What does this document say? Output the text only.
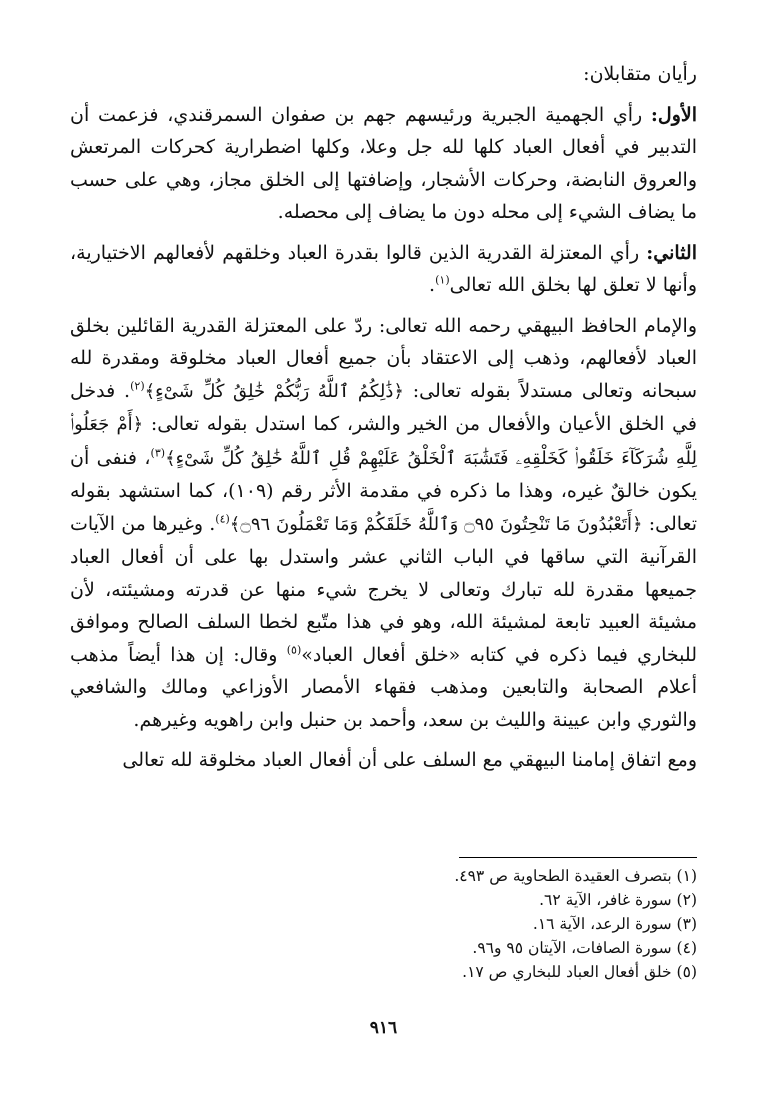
رأيان متقابلان:

الأول: رأي الجهمية الجبرية ورئيسهم جهم بن صفوان السمرقندي، فزعمت أن التدبير في أفعال العباد كلها لله جل وعلا، وكلها اضطرارية كحركات المرتعش والعروق النابضة، وحركات الأشجار، وإضافتها إلى الخلق مجاز، وهي على حسب ما يضاف الشيء إلى محله دون ما يضاف إلى محصله.

الثاني: رأي المعتزلة القدرية الذين قالوا بقدرة العباد وخلقهم لأفعالهم الاختيارية، وأنها لا تعلق لها بخلق الله تعالى$^{(١)}$.

والإمام الحافظ البيهقي رحمه الله تعالى: ردّ على المعتزلة القدرية القائلين بخلق العباد لأفعالهم، وذهب إلى الاعتقاد بأن جميع أفعال العباد مخلوقة ومقدرة لله سبحانه وتعالى مستدلاً بقوله تعالى: ﴿ذَٰلِكُمُ ٱللَّهُ رَبُّكُمْ خَٰلِقُ كُلِّ شَىْءٍ﴾$^{(٢)}$. فدخل في الخلق الأعيان والأفعال من الخير والشر، كما استدل بقوله تعالى: ﴿أَمْ جَعَلُوا۟ لِلَّهِ شُرَكَآءَ خَلَقُوا۟ كَخَلْقِهِۦ فَتَشَٰبَهَ ٱلْخَلْقُ عَلَيْهِمْ قُلِ ٱللَّهُ خَٰلِقُ كُلِّ شَىْءٍ﴾$^{(٣)}$، فنفى أن يكون خالقٌ غيره، وهذا ما ذكره في مقدمة الأثر رقم (١٠٩)، كما استشهد بقوله تعالى: ﴿أَتَعْبُدُونَ مَا تَنْحِتُونَ ۝٩٥ وَٱللَّهُ خَلَقَكُمْ وَمَا تَعْمَلُونَ ۝٩٦﴾$^{(٤)}$. وغيرها من الآيات القرآنية التي ساقها في الباب الثاني عشر واستدل بها على أن أفعال العباد جميعها مقدرة لله تبارك وتعالى لا يخرج شيء منها عن قدرته ومشيئته، لأن مشيئة العبيد تابعة لمشيئة الله، وهو في هذا متّبع لخطا السلف الصالح وموافق للبخاري فيما ذكره في كتابه «خلق أفعال العباد»$^{(٥)}$ وقال: إن هذا أيضاً مذهب أعلام الصحابة والتابعين ومذهب فقهاء الأمصار الأوزاعي ومالك والشافعي والثوري وابن عيينة والليث بن سعد، وأحمد بن حنبل وابن راهويه وغيرهم.

ومع اتفاق إمامنا البيهقي مع السلف على أن أفعال العباد مخلوقة لله تعالى

(١) بتصرف العقيدة الطحاوية ص ٤٩٣.
(٢) سورة غافر، الآية ٦٢.
(٣) سورة الرعد، الآية ١٦.
(٤) سورة الصافات، الآيتان ٩٥ و٩٦.
(٥) خلق أفعال العباد للبخاري ص ١٧.
٩١٦
